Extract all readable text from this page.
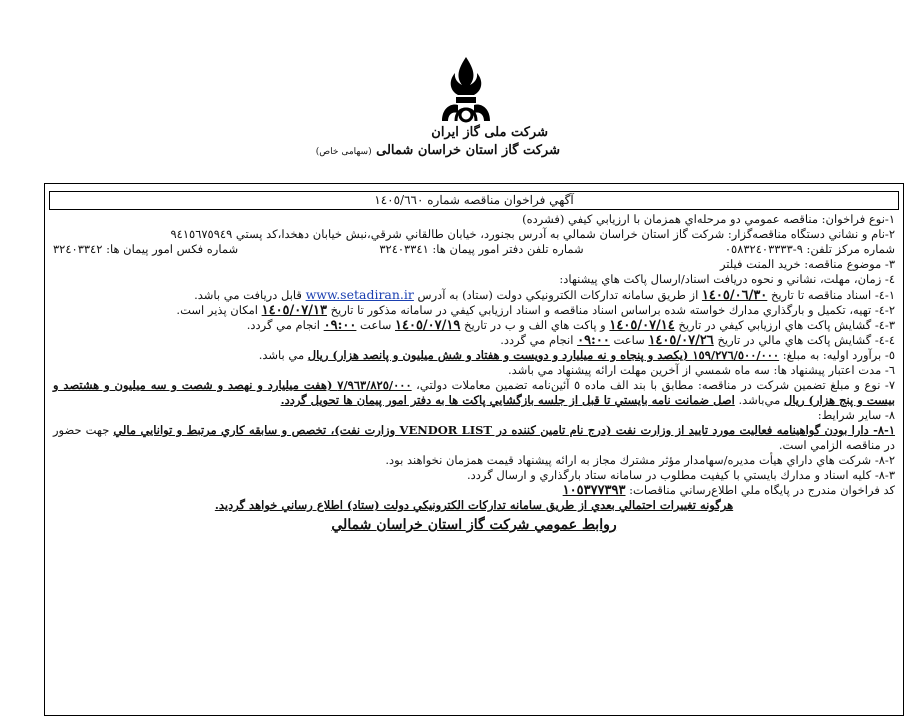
شرکت ملی گاز ایران
شرکت گاز استان خراسان شمالی (سهامی خاص)
آگهي فراخوان مناقصه شماره ١٤٠٥/٦٦٠

١-نوع فراخوان: مناقصه عمومي دو مرحله‌اي همزمان با ارزيابي كيفي (فشرده)

٢-نام و نشاني دستگاه مناقصه‌گزار: شركت گاز استان خراسان شمالي به آدرس بجنورد، خيابان طالقاني شرقي،نبش خيابان دهخدا،كد پستي ٩٤١٥٦٧٥٩٤٩

شماره مركز تلفن: ٩-٠٥٨٣٢٤٠٣٣٣٣
شماره تلفن دفتر امور پيمان ها: ٣٢٤٠٣٣٤١
شماره فكس امور پيمان ها: ٣٢٤٠٣٣٤٢

٣- موضوع مناقصه: خريد المنت فيلتر

٤- زمان، مهلت، نشاني و نحوه دريافت اسناد/ارسال پاكت هاي پيشنهاد:

١-٤- اسناد مناقصه تا تاريخ ١٤٠٥/٠٦/٣٠ از طريق سامانه تداركات الكترونيكي دولت (ستاد) به آدرس www.setadiran.ir قابل دريافت مي باشد.

٢-٤- تهيه، تكميل و بارگذاري مدارك خواسته شده براساس اسناد مناقصه و اسناد ارزيابي كيفي در سامانه مذكور تا تاريخ ١٤٠٥/٠٧/١٣ امكان پذير است.

٣-٤- گشايش پاكت هاي ارزيابي كيفي در تاريخ ١٤٠٥/٠٧/١٤ و پاكت هاي الف و ب در تاريخ ١٤٠٥/٠٧/١٩ ساعت ٠٩:٠٠ انجام مي گردد.

٤-٤- گشايش پاكت هاي مالي در تاريخ ١٤٠٥/٠٧/٢٦ ساعت ٠٩:٠٠ انجام مي گردد.

٥- برآورد اوليه: به مبلغ: ١٥٩/٢٧٦/٥٠٠/٠٠٠ (يكصد و پنجاه و نه ميليارد و دويست و هفتاد و شش ميليون و پانصد هزار) ريال مي باشد.

٦- مدت اعتبار پيشنهاد ها: سه ماه شمسي از آخرين مهلت ارائه پيشنهاد مي باشد.

٧- نوع و مبلغ تضمين شركت در مناقصه: مطابق با بند الف ماده ٥ آئين‌نامه تضمين معاملات دولتي، ٧/٩٦٣/٨٢٥/٠٠٠ (هفت ميليارد و نهصد و شصت و سه ميليون و هشتصد و بيست و پنج هزار) ريال مي‌باشد. اصل ضمانت نامه بايستي تا قبل از جلسه بازگشايي پاكت ها به دفتر امور پيمان ها تحويل گردد.

٨- ساير شرايط:

١-٨- دارا بودن گواهينامه فعاليت مورد تاييد از وزارت نفت (درج نام تامين كننده در VENDOR LIST وزارت نفت)، تخصص و سابقه كاري مرتبط و توانايي مالي جهت حضور در مناقصه الزامي است.

٢-٨- شركت هاي داراي هيأت مديره/سهامدار مؤثر مشترك مجاز به ارائه پيشنهاد قيمت همزمان نخواهند بود.

٣-٨- كليه اسناد و مدارك بايستي با كيفيت مطلوب در سامانه ستاد بارگذاري و ارسال گردد.

كد فراخوان مندرج در پايگاه ملي اطلاع‌رساني مناقصات: ١٠٥٣٧٧٣٩٣

هرگونه تغييرات احتمالي بعدي از طريق سامانه تداركات الكترونيكي دولت (ستاد) اطلاع رساني خواهد گرديد.

روابط عمومي شركت گاز استان خراسان شمالي
